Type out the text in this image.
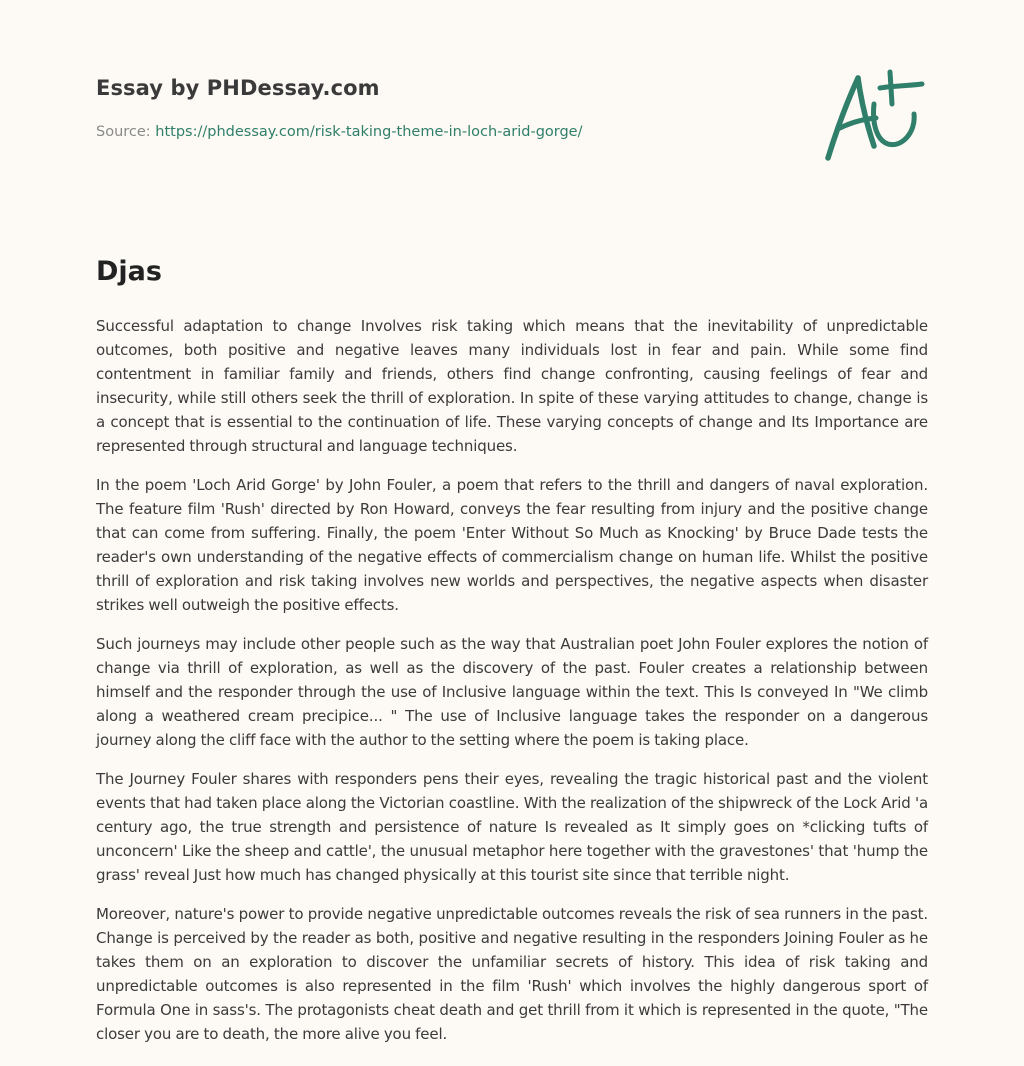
Essay by PHDessay.com

Source: https://phdessay.com/risk-taking-theme-in-loch-arid-gorge/

Djas

Successful adaptation to change Involves risk taking which means that the inevitability of unpredictable outcomes, both positive and negative leaves many individuals lost in fear and pain. While some find contentment in familiar family and friends, others find change confronting, causing feelings of fear and insecurity, while still others seek the thrill of exploration. In spite of these varying attitudes to change, change is a concept that is essential to the continuation of life. These varying concepts of change and Its Importance are represented through structural and language techniques.

In the poem 'Loch Arid Gorge' by John Fouler, a poem that refers to the thrill and dangers of naval exploration. The feature film 'Rush' directed by Ron Howard, conveys the fear resulting from injury and the positive change that can come from suffering. Finally, the poem 'Enter Without So Much as Knocking' by Bruce Dade tests the reader's own understanding of the negative effects of commercialism change on human life. Whilst the positive thrill of exploration and risk taking involves new worlds and perspectives, the negative aspects when disaster strikes well outweigh the positive effects.

Such journeys may include other people such as the way that Australian poet John Fouler explores the notion of change via thrill of exploration, as well as the discovery of the past. Fouler creates a relationship between himself and the responder through the use of Inclusive language within the text. This Is conveyed In "We climb along a weathered cream precipice... " The use of Inclusive language takes the responder on a dangerous journey along the cliff face with the author to the setting where the poem is taking place.

The Journey Fouler shares with responders pens their eyes, revealing the tragic historical past and the violent events that had taken place along the Victorian coastline. With the realization of the shipwreck of the Lock Arid 'a century ago, the true strength and persistence of nature Is revealed as It simply goes on *clicking tufts of unconcern' Like the sheep and cattle', the unusual metaphor here together with the gravestones' that 'hump the grass' reveal Just how much has changed physically at this tourist site since that terrible night.

Moreover, nature's power to provide negative unpredictable outcomes reveals the risk of sea runners in the past. Change is perceived by the reader as both, positive and negative resulting in the responders Joining Fouler as he takes them on an exploration to discover the unfamiliar secrets of history. This idea of risk taking and unpredictable outcomes is also represented in the film 'Rush' which involves the highly dangerous sport of Formula One in sass's. The protagonists cheat death and get thrill from it which is represented in the quote, "The closer you are to death, the more alive you feel.
